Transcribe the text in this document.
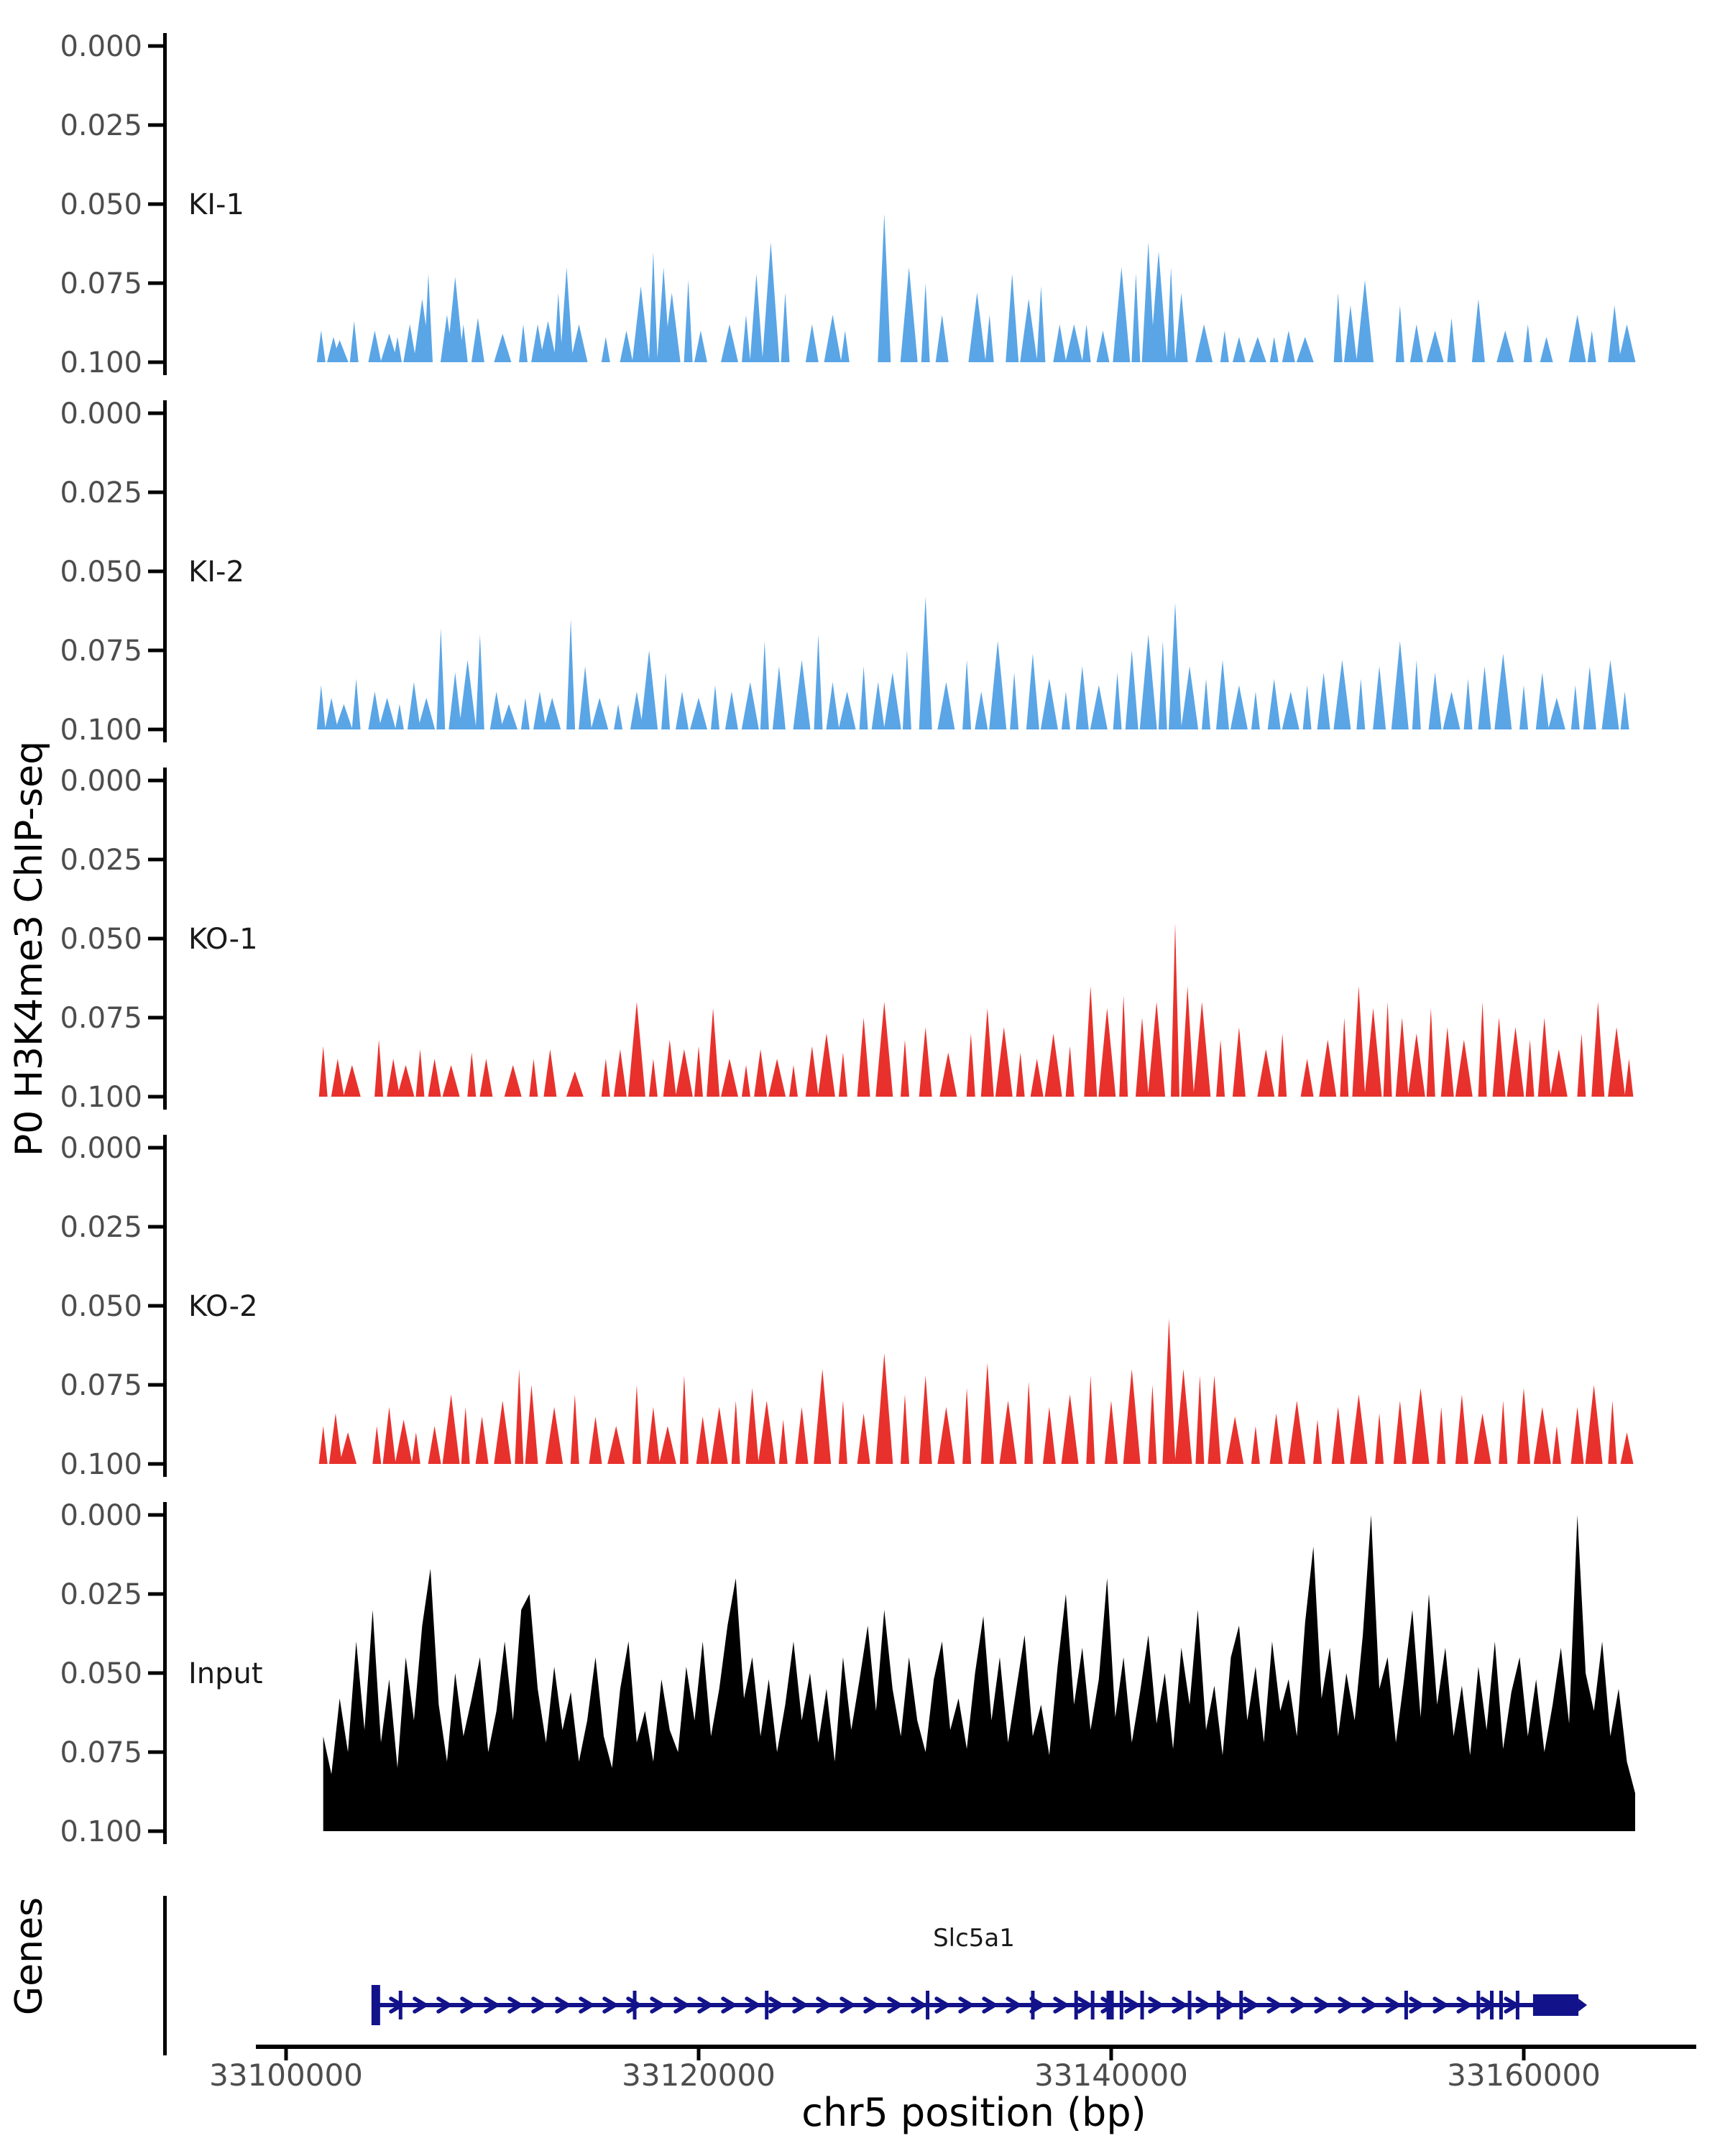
P0 H3K4me3 ChIP-seq
Genes
0.100
0.075
0.050
0.025
0.000
KI-1
0.100
0.075
0.050
0.025
0.000
KI-2
0.100
0.075
0.050
0.025
0.000
KO-1
0.100
0.075
0.050
0.025
0.000
KO-2
0.100
0.075
0.050
0.025
0.000
Input
Slc5a1
33100000	33120000	33140000	33160000
chr5 position (bp)
